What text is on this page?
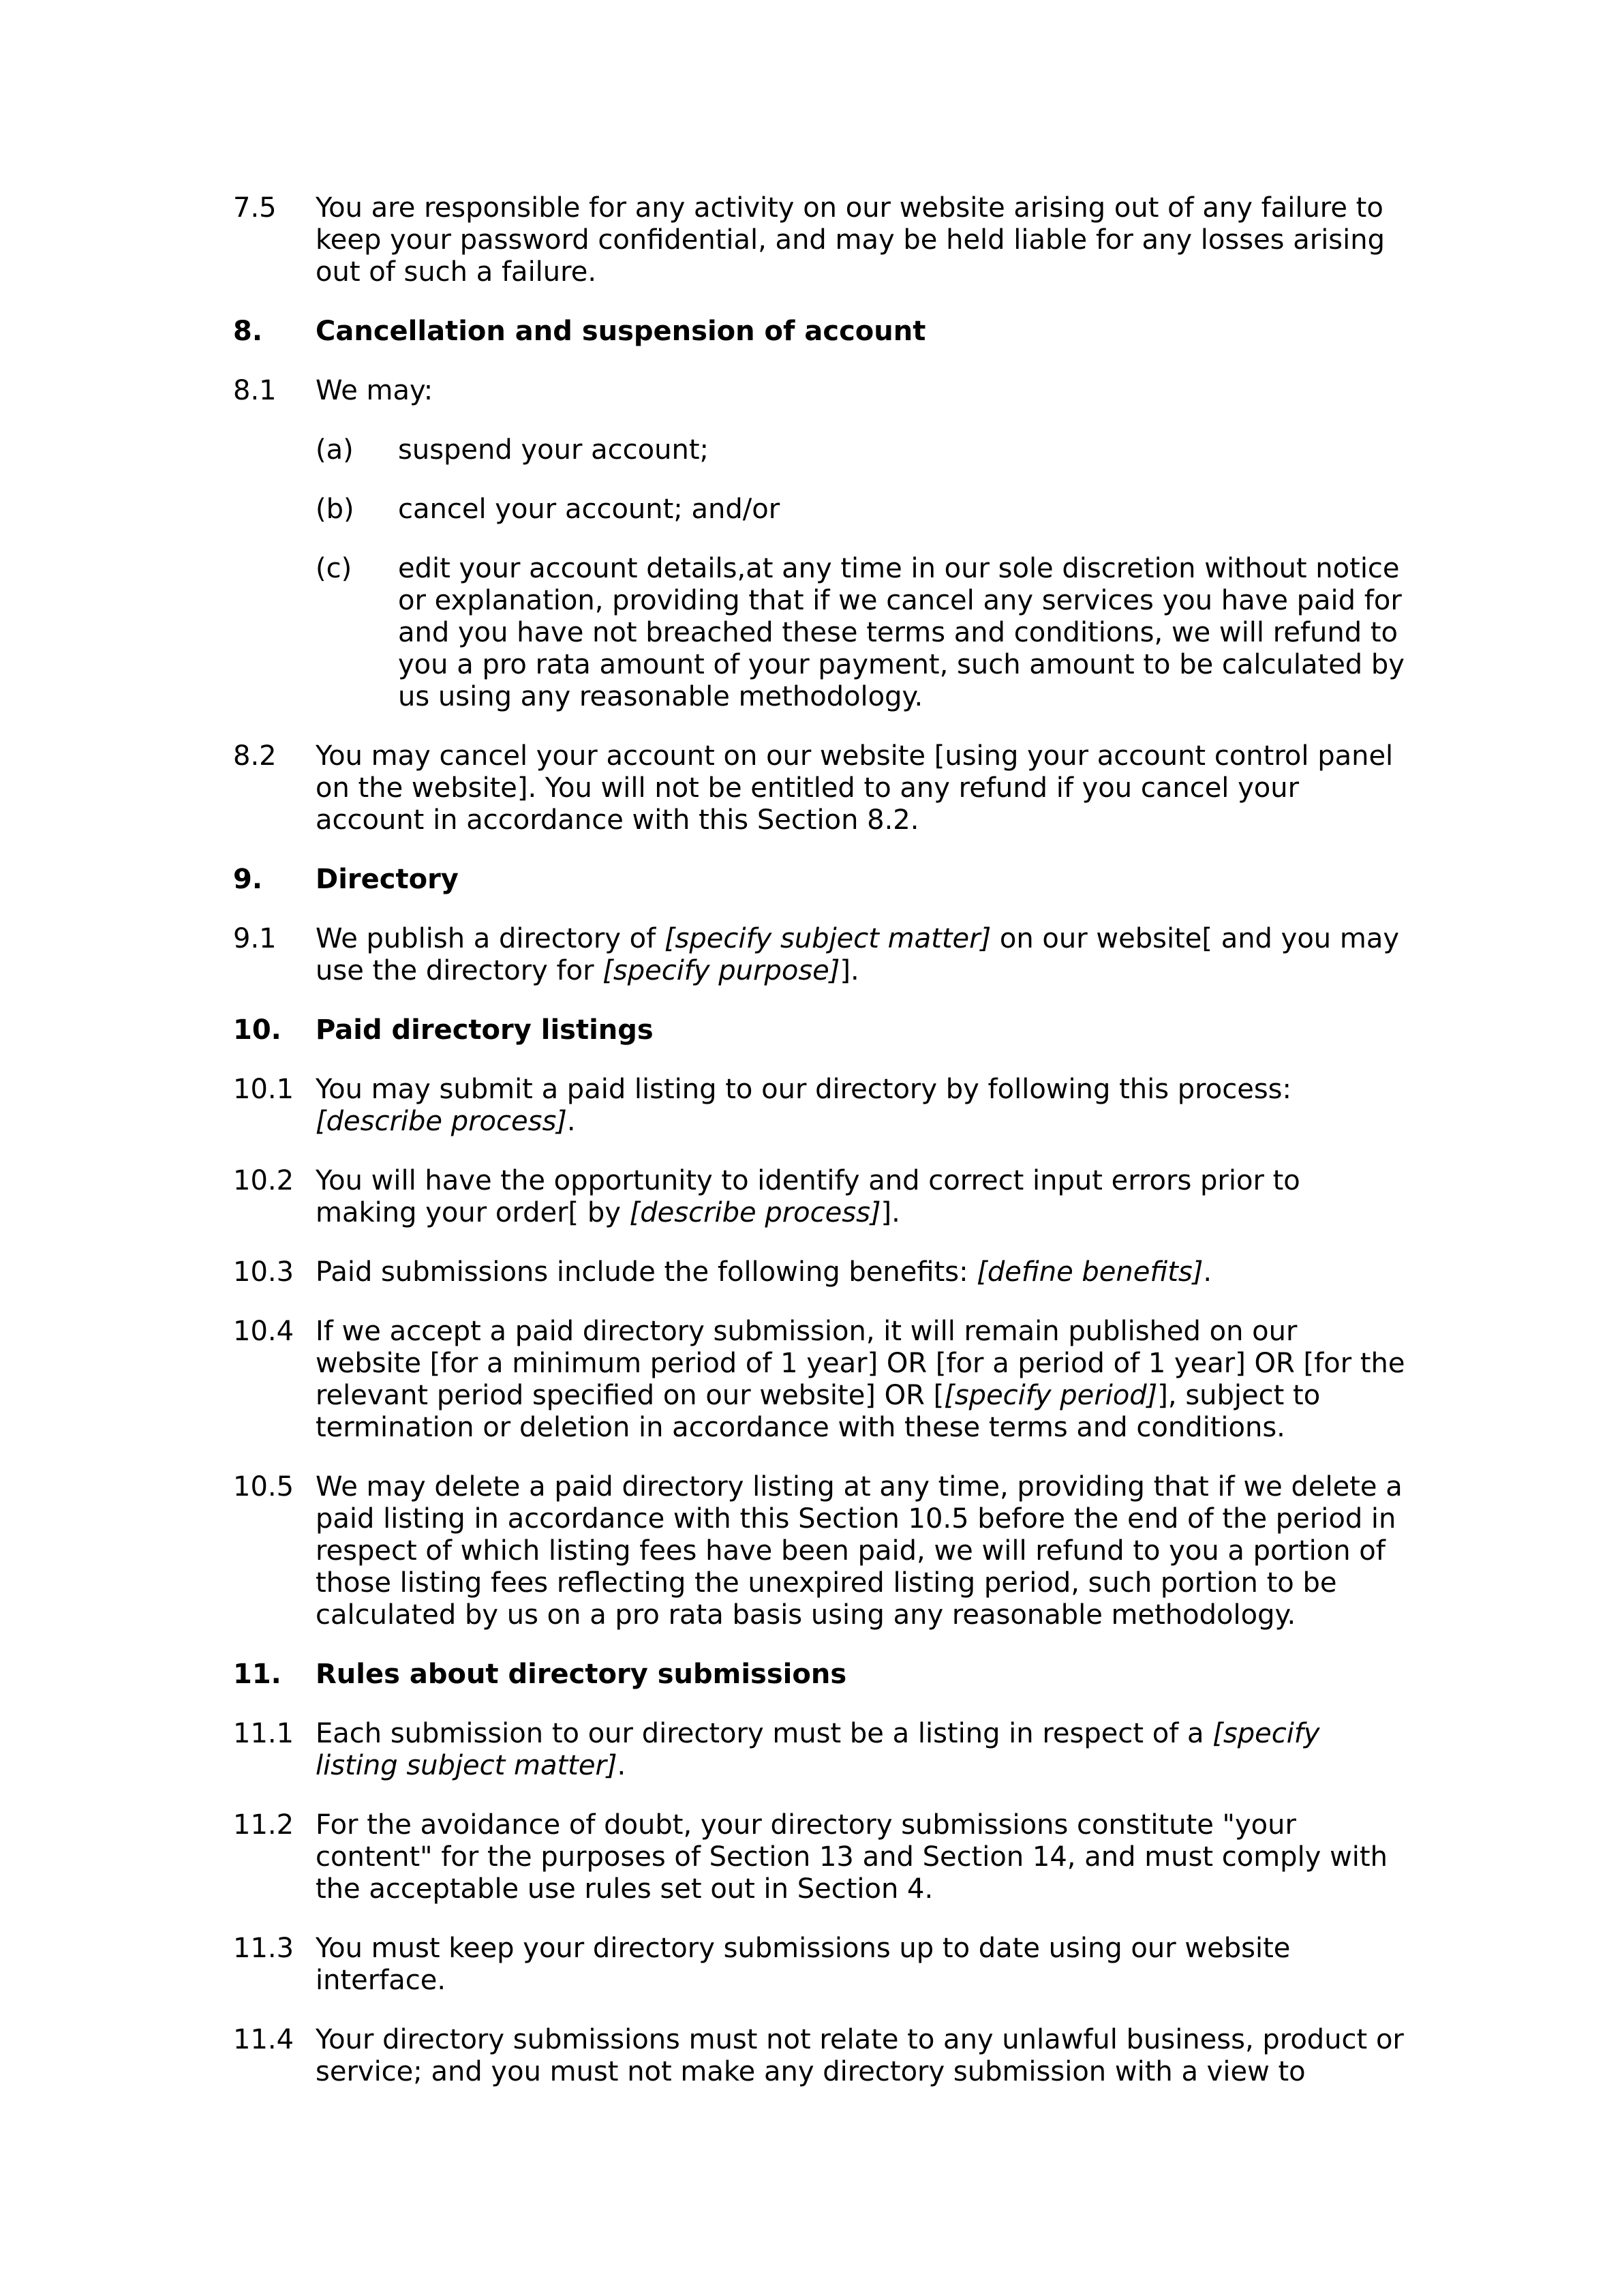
7.5	You are responsible for any activity on our website arising out of any failure to keep your password confidential, and may be held liable for any losses arising out of such a failure.
8.	Cancellation and suspension of account
8.1	We may:
(a)	suspend your account;
(b)	cancel your account; and/or
(c)	edit your account details,at any time in our sole discretion without notice or explanation, providing that if we cancel any services you have paid for and you have not breached these terms and conditions, we will refund to you a pro rata amount of your payment, such amount to be calculated by us using any reasonable methodology.
8.2	You may cancel your account on our website [using your account control panel on the website]. You will not be entitled to any refund if you cancel your account in accordance with this Section 8.2.
9.	Directory
9.1	We publish a directory of [specify subject matter] on our website[ and you may use the directory for [specify purpose]].
10.	Paid directory listings
10.1 You may submit a paid listing to our directory by following this process: [describe process].
10.2 You will have the opportunity to identify and correct input errors prior to making your order[ by [describe process]].
10.3 Paid submissions include the following benefits: [define benefits].
10.4 If we accept a paid directory submission, it will remain published on our website [for a minimum period of 1 year] OR [for a period of 1 year] OR [for the relevant period specified on our website] OR [[specify period]], subject to termination or deletion in accordance with these terms and conditions.
10.5 We may delete a paid directory listing at any time, providing that if we delete a paid listing in accordance with this Section 10.5 before the end of the period in respect of which listing fees have been paid, we will refund to you a portion of those listing fees reflecting the unexpired listing period, such portion to be calculated by us on a pro rata basis using any reasonable methodology.
11.	Rules about directory submissions
11.1 Each submission to our directory must be a listing in respect of a [specify listing subject matter].
11.2 For the avoidance of doubt, your directory submissions constitute "your content" for the purposes of Section 13 and Section 14, and must comply with the acceptable use rules set out in Section 4.
11.3 You must keep your directory submissions up to date using our website interface.
11.4 Your directory submissions must not relate to any unlawful business, product or service; and you must not make any directory submission with a view to
